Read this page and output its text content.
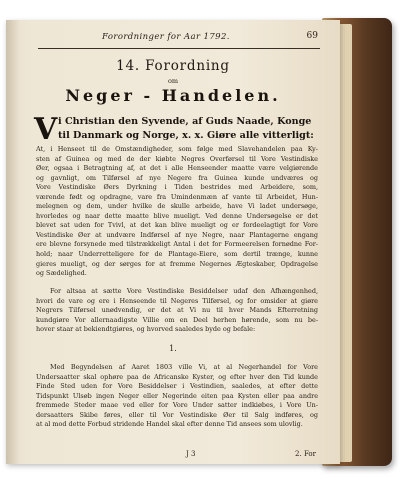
Forordninger for Aar 1792.	69
14. Forordning
om
Neger - Handelen.
V i Christian den Syvende, af Guds Naade, Konge
til Danmark og Norge, x. x. Giøre alle vitterligt:
At, i Henseet til de Omstændigheder, som følge med Slavehandelen paa Ky-
sten af Guinea og med de der kiøbte Negres Overførsel til Vore Vestindiske
Øer, ogsaa i Betragtning af, at det i alle Henseender maatte være velgiørende
og gavnligt, om Tilførsel af nye Negere fra Guinea kunde undværes og
Vore Vestindiske Øers Dyrkning i Tiden bestrides med Arbeidere, som,
værende født og opdragne, vare fra Umindenmæn af vante til Arbeidet, Hun-
melegnen og dem, under hvilke de skulle arbeide, have Vi ladet undersøge,
hvorledes og naar dette maatte blive mueligt. Ved denne Undersøgelse er det
blevet sat uden for Tvivl, at det kan blive mueligt og er fordeelagtigt for Vore
Vestindiske Øer at undvære Indførsel af nye Negre, naar Plantagerne engang
ere blevne forsynede med tilstrækkeligt Antal i det for Formeerelsen fornødne For-
hold; naar Underretteligere for de Plantage-Eiere, som dertil trænge, kunne
gieres mueligt, og der sørges for at fremme Negernes Ægteskaber, Opdragelse
og Sædelighed.
For altsaa at sætte Vore Vestindiske Besiddelser udaf den Afhængenhed,
hvori de vare og ere i Henseende til Negeres Tilførsel, og for omsider at giøre
Negrers Tilførsel unødvendig, er det at Vi nu til hver Mands Efterretning
kundgiøre Vor allernaadigste Villie om en Deel herhen hørende, som nu be-
hover staar at bekiendtgiøres, og hvorved saaledes byde og befale:
1.
Med Begyndelsen af Aaret 1803 ville Vi, at al Negerhandel for Vore
Undersaatter skal ophøre paa de Africanske Kyster, og efter hver den Tid kunde
Finde Sted uden for Vore Besiddelser i Vestindien, saaledes, at efter dette
Tidspunkt Ulsøb ingen Neger eller Negerinde eiten paa Kysten eller paa andre
fremmede Steder maae ved eller for Vore Under satter indkiøbes, i Vore Un-
dersaatters Skibe føres, eller til Vor Vestindiske Øer til Salg indføres, og
at al mod dette Forbud stridende Handel skal efter denne Tid ansees som ulovlig.
J 3	2. For
